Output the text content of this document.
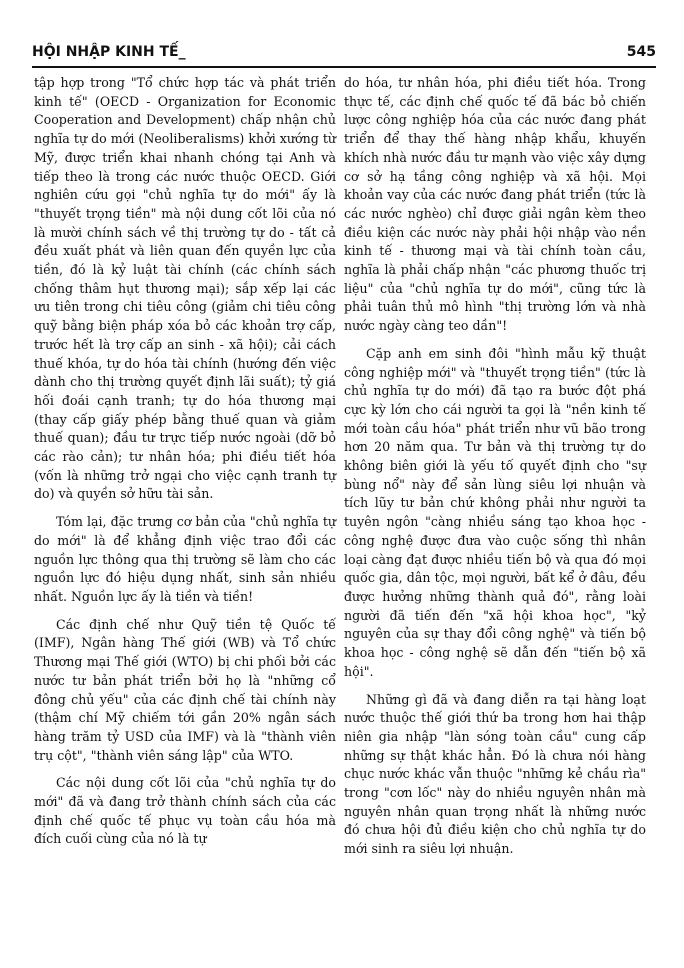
HỘI NHẬP KINH TẾ_	545

tập hợp trong "Tổ chức hợp tác và phát triển kinh tế" (OECD - Organization for Economic Cooperation and Development) chấp nhận chủ nghĩa tự do mới (Neoliberalisms) khởi xướng từ Mỹ, được triển khai nhanh chóng tại Anh và tiếp theo là trong các nước thuộc OECD. Giới nghiên cứu gọi "chủ nghĩa tự do mới" ấy là "thuyết trọng tiền" mà nội dung cốt lõi của nó là mười chính sách về thị trường tự do - tất cả đều xuất phát và liên quan đến quyền lực của tiền, đó là kỷ luật tài chính (các chính sách chống thâm hụt thương mại); sắp xếp lại các ưu tiên trong chi tiêu công (giảm chi tiêu công quỹ bằng biện pháp xóa bỏ các khoản trợ cấp, trước hết là trợ cấp an sinh - xã hội); cải cách thuế khóa, tự do hóa tài chính (hướng đến việc dành cho thị trường quyết định lãi suất); tỷ giá hối đoái cạnh tranh; tự do hóa thương mại (thay cấp giấy phép bằng thuế quan và giảm thuế quan); đầu tư trực tiếp nước ngoài (dỡ bỏ các rào cản); tư nhân hóa; phi điều tiết hóa (vốn là những trở ngại cho việc cạnh tranh tự do) và quyền sở hữu tài sản.

Tóm lại, đặc trưng cơ bản của "chủ nghĩa tự do mới" là để khẳng định việc trao đổi các nguồn lực thông qua thị trường sẽ làm cho các nguồn lực đó hiệu dụng nhất, sinh sản nhiều nhất. Nguồn lực ấy là tiền và tiền!

Các định chế như Quỹ tiền tệ Quốc tế (IMF), Ngân hàng Thế giới (WB) và Tổ chức Thương mại Thế giới (WTO) bị chi phối bởi các nước tư bản phát triển bởi họ là "những cổ đông chủ yếu" của các định chế tài chính này (thậm chí Mỹ chiếm tới gần 20% ngân sách hàng trăm tỷ USD của IMF) và là "thành viên trụ cột", "thành viên sáng lập" của WTO.

Các nội dung cốt lõi của "chủ nghĩa tự do mới" đã và đang trở thành chính sách của các định chế quốc tế phục vụ toàn cầu hóa mà đích cuối cùng của nó là tự

do hóa, tư nhân hóa, phi điều tiết hóa. Trong thực tế, các định chế quốc tế đã bác bỏ chiến lược công nghiệp hóa của các nước đang phát triển để thay thế hàng nhập khẩu, khuyến khích nhà nước đầu tư mạnh vào việc xây dựng cơ sở hạ tầng công nghiệp và xã hội. Mọi khoản vay của các nước đang phát triển (tức là các nước nghèo) chỉ được giải ngân kèm theo điều kiện các nước này phải hội nhập vào nền kinh tế - thương mại và tài chính toàn cầu, nghĩa là phải chấp nhận "các phương thuốc trị liệu" của "chủ nghĩa tự do mới", cũng tức là phải tuân thủ mô hình "thị trường lớn và nhà nước ngày càng teo dần"!

Cặp anh em sinh đôi "hình mẫu kỹ thuật công nghiệp mới" và "thuyết trọng tiền" (tức là chủ nghĩa tự do mới) đã tạo ra bước đột phá cực kỳ lớn cho cái người ta gọi là "nền kinh tế mới toàn cầu hóa" phát triển như vũ bão trong hơn 20 năm qua. Tư bản và thị trường tự do không biên giới là yếu tố quyết định cho "sự bùng nổ" này để sản lùng siêu lợi nhuận và tích lũy tư bản chứ không phải như người ta tuyên ngôn "càng nhiều sáng tạo khoa học - công nghệ được đưa vào cuộc sống thì nhân loại càng đạt được nhiều tiến bộ và qua đó mọi quốc gia, dân tộc, mọi người, bất kể ở đâu, đều được hưởng những thành quả đó", rằng loài người đã tiến đến "xã hội khoa học", "kỷ nguyên của sự thay đổi công nghệ" và tiến bộ khoa học - công nghệ sẽ dẫn đến "tiến bộ xã hội".

Những gì đã và đang diễn ra tại hàng loạt nước thuộc thế giới thứ ba trong hơn hai thập niên gia nhập "làn sóng toàn cầu" cung cấp những sự thật khác hẳn. Đó là chưa nói hàng chục nước khác vẫn thuộc "những kẻ chầu rìa" trong "cơn lốc" này do nhiều nguyên nhân mà nguyên nhân quan trọng nhất là những nước đó chưa hội đủ điều kiện cho chủ nghĩa tự do mới sinh ra siêu lợi nhuận.
